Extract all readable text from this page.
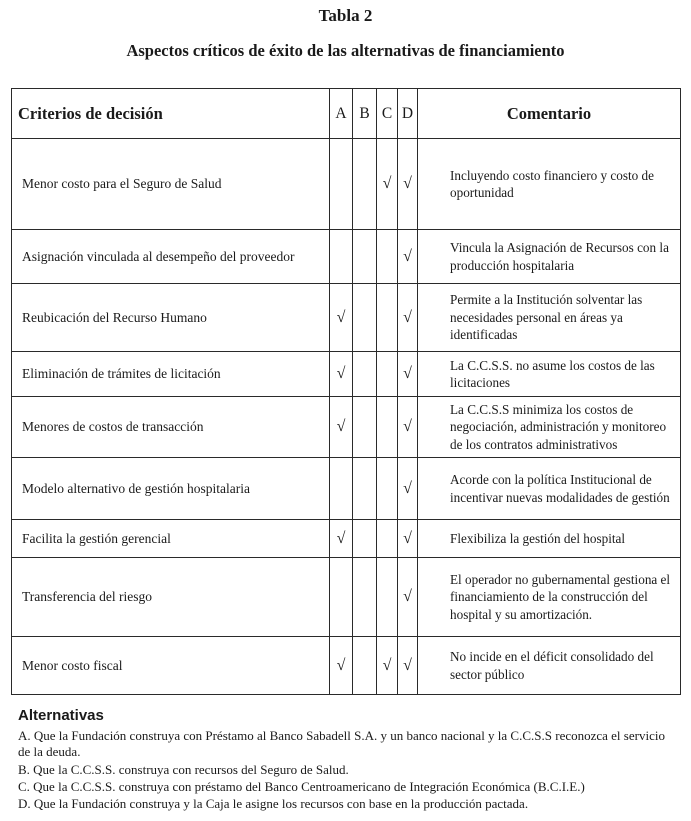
Tabla 2
Aspectos críticos de éxito de las alternativas de financiamiento
Criterios de decisión	A	B	C	D	Comentario
Menor costo para el Seguro de Salud			√	√	Incluyendo costo financiero y costo de oportunidad
Asignación vinculada al desempeño del proveedor				√	Vincula la Asignación de Recursos con la producción hospitalaria
Reubicación del Recurso Humano	√			√	Permite a la Institución solventar las necesidades personal en áreas ya identificadas
Eliminación de trámites de licitación	√			√	La C.C.S.S. no asume los costos de las licitaciones
Menores de costos de transacción	√			√	La C.C.S.S minimiza los costos de negociación, administración y monitoreo de los contratos administrativos
Modelo alternativo de gestión hospitalaria				√	Acorde con la política Institucional de incentivar nuevas modalidades de gestión
Facilita la gestión gerencial	√			√	Flexibiliza la gestión del hospital
Transferencia del riesgo				√	El operador no gubernamental gestiona el financiamiento de la construcción del hospital y su amortización.
Menor costo fiscal	√		√	√	No incide en el déficit consolidado del sector público
Alternativas
A. Que la Fundación construya con Préstamo al Banco Sabadell S.A. y un banco nacional y la C.C.S.S reconozca el servicio de la deuda.
B. Que la C.C.S.S. construya con recursos del Seguro de Salud.
C. Que la C.C.S.S. construya con préstamo del Banco Centroamericano de Integración Económica (B.C.I.E.)
D. Que la Fundación construya y la Caja le asigne los recursos con base en la producción pactada.
